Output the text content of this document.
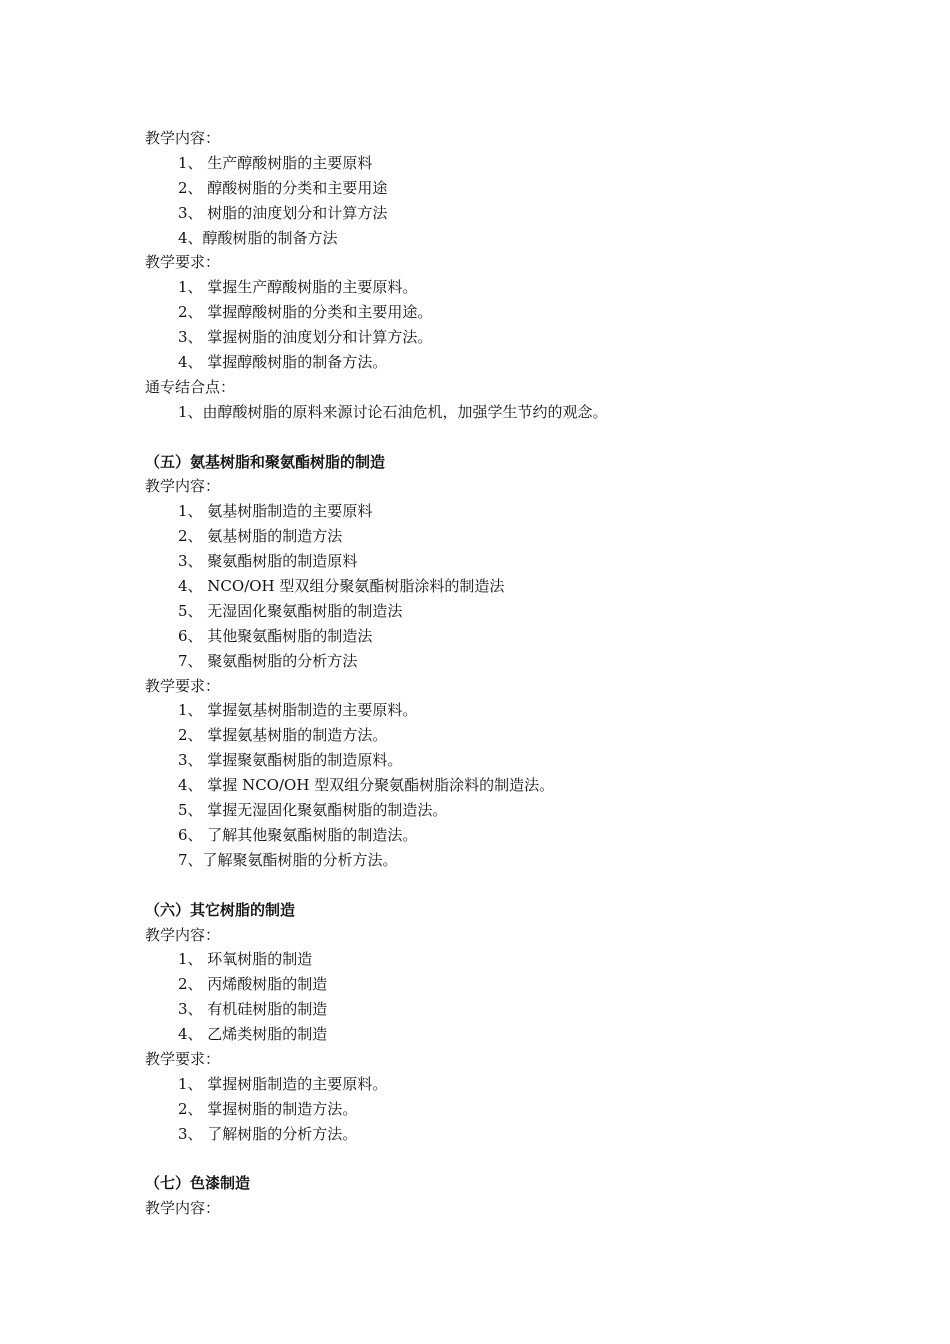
教学内容：
1、 生产醇酸树脂的主要原料
2、 醇酸树脂的分类和主要用途
3、 树脂的油度划分和计算方法
4、醇酸树脂的制备方法
教学要求：
1、 掌握生产醇酸树脂的主要原料。
2、 掌握醇酸树脂的分类和主要用途。
3、 掌握树脂的油度划分和计算方法。
4、 掌握醇酸树脂的制备方法。
通专结合点：
1、由醇酸树脂的原料来源讨论石油危机，加强学生节约的观念。
（五）氨基树脂和聚氨酯树脂的制造
教学内容：
1、 氨基树脂制造的主要原料
2、 氨基树脂的制造方法
3、 聚氨酯树脂的制造原料
4、 NCO/OH 型双组分聚氨酯树脂涂料的制造法
5、 无湿固化聚氨酯树脂的制造法
6、 其他聚氨酯树脂的制造法
7、 聚氨酯树脂的分析方法
教学要求：
1、 掌握氨基树脂制造的主要原料。
2、 掌握氨基树脂的制造方法。
3、 掌握聚氨酯树脂的制造原料。
4、 掌握 NCO/OH 型双组分聚氨酯树脂涂料的制造法。
5、 掌握无湿固化聚氨酯树脂的制造法。
6、 了解其他聚氨酯树脂的制造法。
7、了解聚氨酯树脂的分析方法。
（六）其它树脂的制造
教学内容：
1、 环氧树脂的制造
2、 丙烯酸树脂的制造
3、 有机硅树脂的制造
4、 乙烯类树脂的制造
教学要求：
1、 掌握树脂制造的主要原料。
2、 掌握树脂的制造方法。
3、 了解树脂的分析方法。
（七）色漆制造
教学内容：
